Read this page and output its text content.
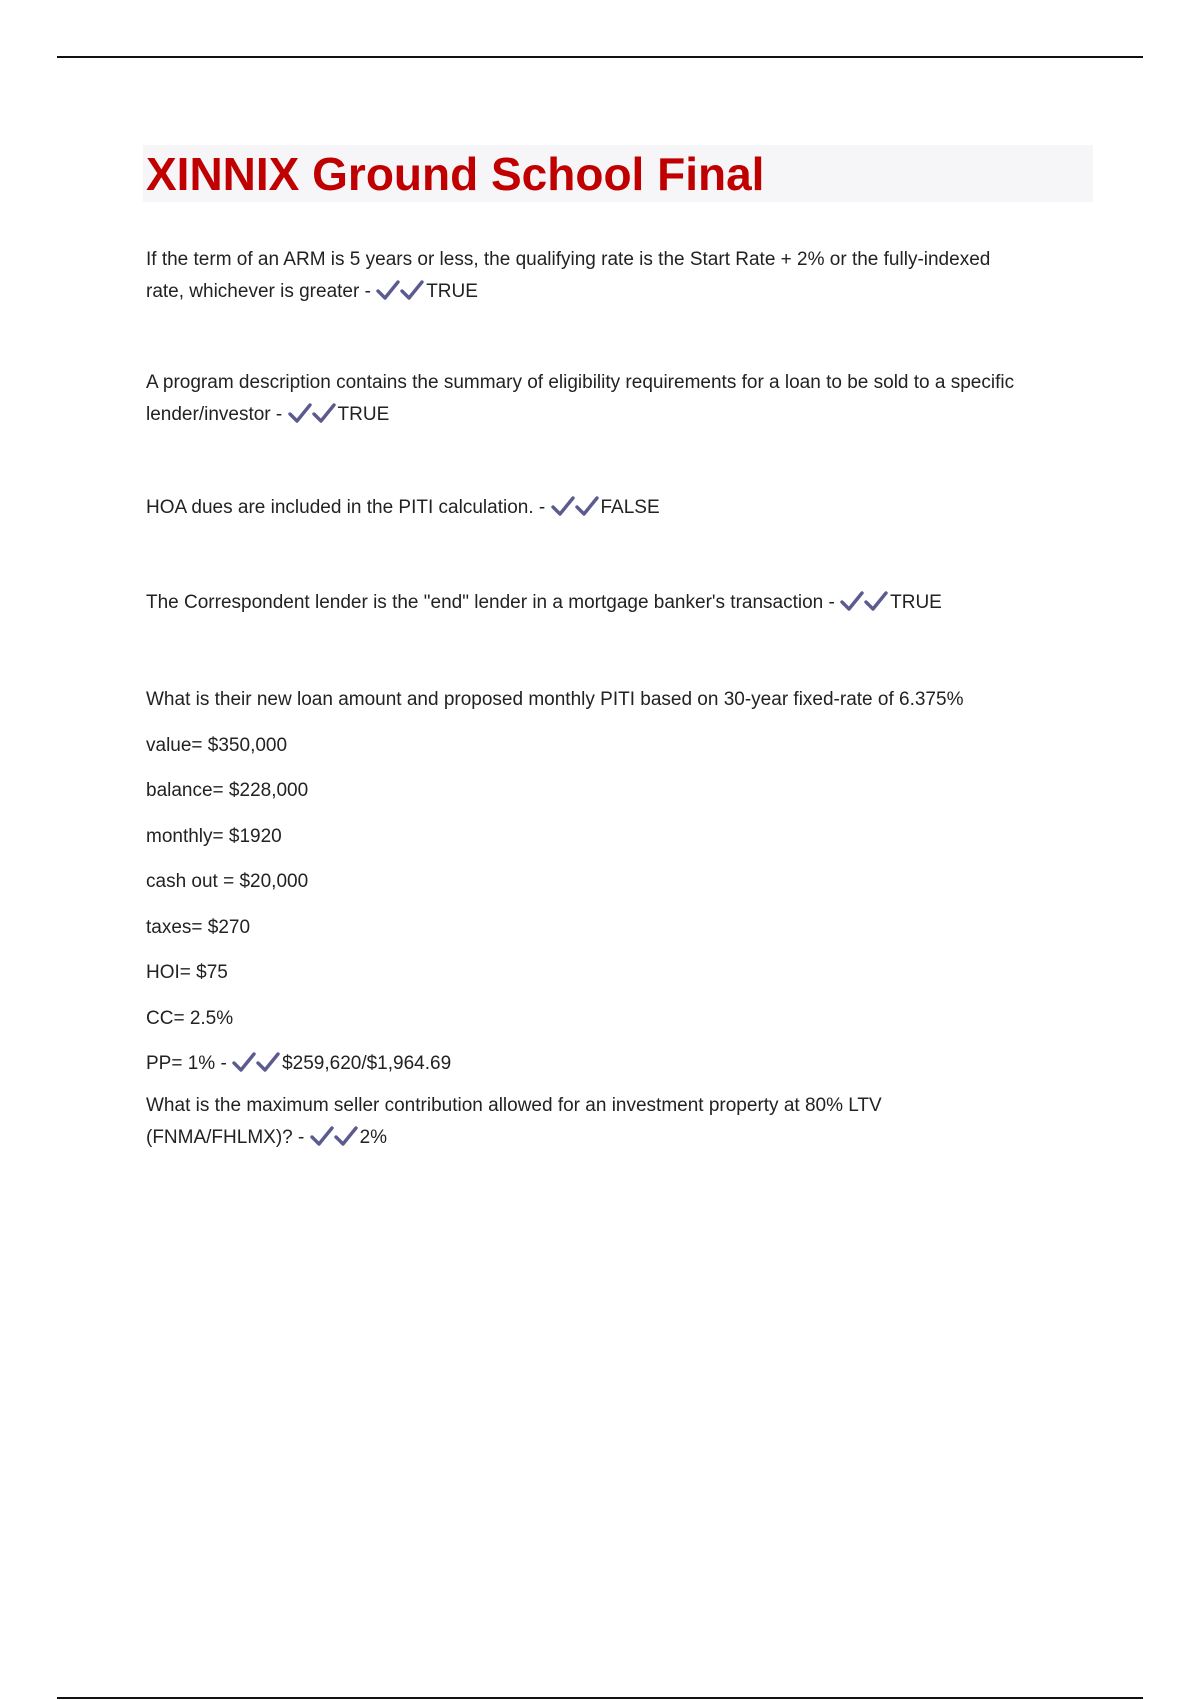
XINNIX Ground School Final
If the term of an ARM is 5 years or less, the qualifying rate is the Start Rate + 2% or the fully-indexed
rate, whichever is greater -	TRUE
A program description contains the summary of eligibility requirements for a loan to be sold to a specific
lender/investor -	TRUE
HOA dues are included in the PITI calculation. -	FALSE
The Correspondent lender is the "end" lender in a mortgage banker's transaction -	TRUE
What is their new loan amount and proposed monthly PITI based on 30-year fixed-rate of 6.375%
value= $350,000
balance= $228,000
monthly= $1920
cash out = $20,000
taxes= $270
HOI= $75
CC= 2.5%
PP= 1% -	$259,620/$1,964.69
What is the maximum seller contribution allowed for an investment property at 80% LTV
(FNMA/FHLMX)? -	2%
